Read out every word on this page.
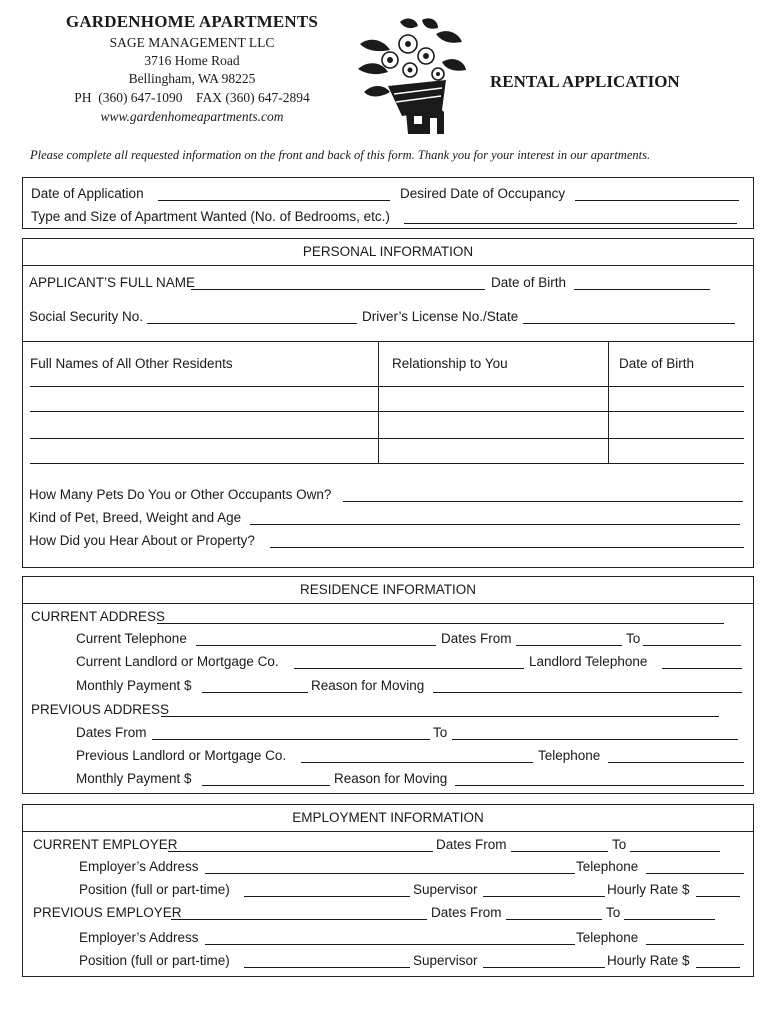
GARDENHOME APARTMENTS
SAGE MANAGEMENT LLC
3716 Home Road
Bellingham, WA 98225
PH  (360) 647-1090    FAX (360) 647-2894
www.gardenhomeapartments.com
RENTAL APPLICATION
Please complete all requested information on the front and back of this form. Thank you for your interest in our apartments.
Date of Application	Desired Date of Occupancy
Type and Size of Apartment Wanted (No. of Bedrooms, etc.)
PERSONAL INFORMATION
APPLICANT’S FULL NAME	Date of Birth
Social Security No.	Driver’s License No./State
Full Names of All Other Residents	Relationship to You	Date of Birth
How Many Pets Do You or Other Occupants Own?
Kind of Pet, Breed, Weight and Age
How Did you Hear About or Property?
RESIDENCE INFORMATION
CURRENT ADDRESS
Current Telephone	Dates From	To
Current Landlord or Mortgage Co.	Landlord Telephone
Monthly Payment $	Reason for Moving
PREVIOUS ADDRESS
Dates From	To
Previous Landlord or Mortgage Co.	Telephone
Monthly Payment $	Reason for Moving
EMPLOYMENT INFORMATION
CURRENT EMPLOYER	Dates From	To
Employer’s Address	Telephone
Position (full or part-time)	Supervisor	Hourly Rate $
PREVIOUS EMPLOYER	Dates From	To
Employer’s Address	Telephone
Position (full or part-time)	Supervisor	Hourly Rate $
